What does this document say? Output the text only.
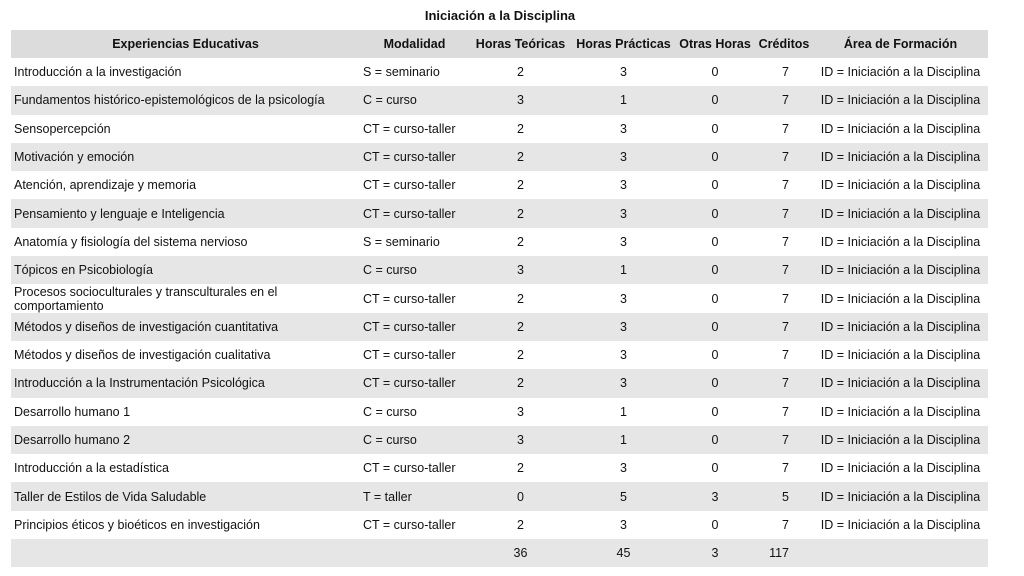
Iniciación a la Disciplina
Experiencias Educativas	Modalidad	Horas Teóricas	Horas Prácticas	Otras Horas	Créditos	Área de Formación
Introducción a la investigación	S = seminario	2	3	0	7	ID = Iniciación a la Disciplina
Fundamentos histórico-epistemológicos de la psicología	C = curso	3	1	0	7	ID = Iniciación a la Disciplina
Sensopercepción	CT = curso-taller	2	3	0	7	ID = Iniciación a la Disciplina
Motivación y emoción	CT = curso-taller	2	3	0	7	ID = Iniciación a la Disciplina
Atención, aprendizaje y memoria	CT = curso-taller	2	3	0	7	ID = Iniciación a la Disciplina
Pensamiento y lenguaje e Inteligencia	CT = curso-taller	2	3	0	7	ID = Iniciación a la Disciplina
Anatomía y fisiología del sistema nervioso	S = seminario	2	3	0	7	ID = Iniciación a la Disciplina
Tópicos en Psicobiología	C = curso	3	1	0	7	ID = Iniciación a la Disciplina
Procesos socioculturales y transculturales en el comportamiento	CT = curso-taller	2	3	0	7	ID = Iniciación a la Disciplina
Métodos y diseños de investigación cuantitativa	CT = curso-taller	2	3	0	7	ID = Iniciación a la Disciplina
Métodos y diseños de investigación cualitativa	CT = curso-taller	2	3	0	7	ID = Iniciación a la Disciplina
Introducción a la Instrumentación Psicológica	CT = curso-taller	2	3	0	7	ID = Iniciación a la Disciplina
Desarrollo humano 1	C = curso	3	1	0	7	ID = Iniciación a la Disciplina
Desarrollo humano 2	C = curso	3	1	0	7	ID = Iniciación a la Disciplina
Introducción a la estadística	CT = curso-taller	2	3	0	7	ID = Iniciación a la Disciplina
Taller de Estilos de Vida Saludable	T = taller	0	5	3	5	ID = Iniciación a la Disciplina
Principios éticos y bioéticos en investigación	CT = curso-taller	2	3	0	7	ID = Iniciación a la Disciplina
		36	45	3	117	
